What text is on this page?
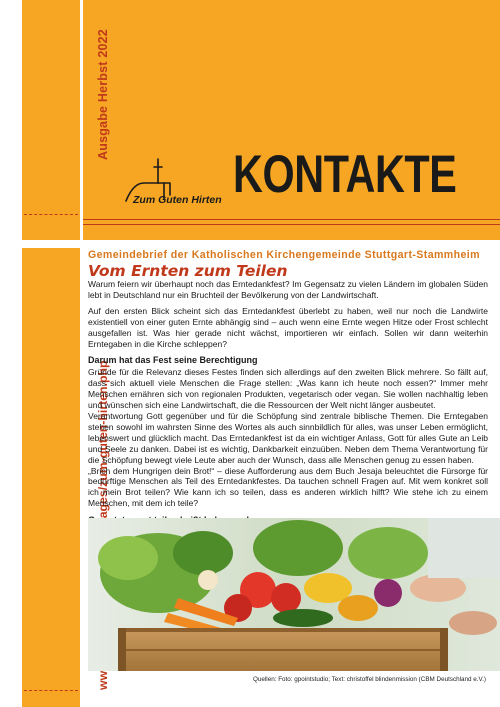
Ausgabe Herbst 2022
Zum Guten Hirten KONTAKTE
Gemeindebrief der Katholischen Kirchengemeinde Stuttgart-Stammheim
Vom Ernten zum Teilen

Warum feiern wir überhaupt noch das Erntedankfest? Im Gegensatz zu vielen Ländern im globalen Süden lebt in Deutschland nur ein Bruchteil der Bevölkerung von der Landwirtschaft.

Auf den ersten Blick scheint sich das Erntedankfest überlebt zu haben, weil nur noch die Landwirte existentiell von einer guten Ernte abhängig sind – auch wenn eine Ernte wegen Hitze oder Frost schlecht ausgefallen ist. Was hier gerade nicht wächst, importieren wir einfach. Sollen wir dann weiterhin Erntegaben in die Kirche schleppen?

Darum hat das Fest seine Berechtigung

Gründe für die Relevanz dieses Festes finden sich allerdings auf den zweiten Blick mehrere. So fällt auf, dass sich aktuell viele Menschen die Frage stellen: „Was kann ich heute noch essen?“ Immer mehr Menschen ernähren sich von regionalen Produkten, vegetarisch oder vegan. Sie wollen nachhaltig leben und wünschen sich eine Landwirtschaft, die die Ressourcen der Welt nicht länger ausbeutet.

Verantwortung Gott gegenüber und für die Schöpfung sind zentrale biblische Themen. Die Erntegaben stehen sowohl im wahrsten Sinne des Wortes als auch sinnbildlich für alles, was unser Leben ermöglicht, lebenswert und glücklich macht. Das Erntedankfest ist da ein wichtiger Anlass, Gott für alles Gute an Leib und Seele zu danken. Dabei ist es wichtig, Dankbarkeit einzuüben. Neben dem Thema Verantwortung für die Schöpfung bewegt viele Leute aber auch der Wunsch, dass alle Menschen genug zu essen haben.

„Brich dem Hungrigen dein Brot!“ – diese Aufforderung aus dem Buch Jesaja beleuchtet die Fürsorge für bedürftige Menschen als Teil des Erntedankfestes. Da tauchen schnell Fragen auf. Mit wem konkret soll ich mein Brot teilen? Wie kann ich so teilen, dass es anderen wirklich hilft? Wie stehe ich zu einem Menschen, mit dem ich teile?

Quellen: Foto: gpointstudio; Text: christoffel blindenmission (CBM Deutschland e.V.)
